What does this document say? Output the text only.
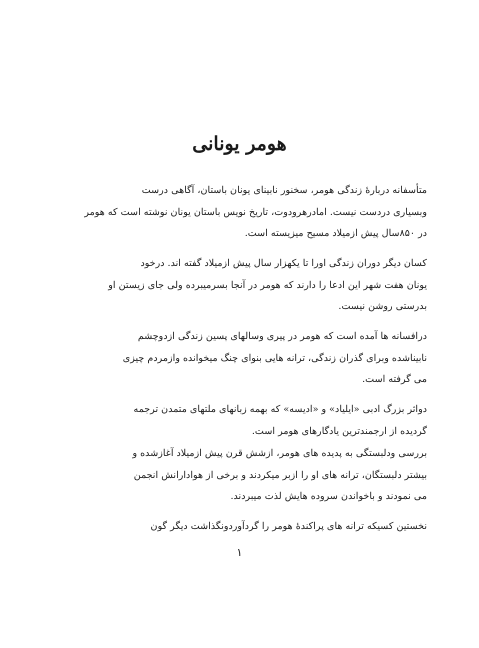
هومر یونانی
متأسفانه دربارهٔ زندگی هومر، سخنور نابینای یونان باستان، آگاهی درست
وبسیاری دردست نیست. امادرهرودوت، تاریخ نویس باستان یونان نوشته است که هومر
در ۸۵۰سال پیش ازمیلاد مسیح میزیسته است.
کسان دیگر دوران زندگی اورا تا یکهزار سال پیش ازمیلاد گفته اند. درخود
یونان هفت شهر این ادعا را دارند که هومر در آنجا بسرمیبرده ولی جای زیستن او
بدرستی روشن نیست.
درافسانه ها آمده است که هومر در پیری وسالهای پسین زندگی ازدوچشم
نابیناشده وبرای گذران زندگی، ترانه هایی بنوای چنگ میخوانده وازمردم چیزی
می گرفته است.
دواثر بزرگ ادبی «ایلیاد» و «ادیسه» که بهمه زبانهای ملتهای متمدن ترجمه
گردیده از ارجمندترین یادگارهای هومر است.
بررسی ودلبستگی به پدیده های هومر، ازشش قرن پیش ازمیلاد آغازشده و
بیشتر دلبستگان، ترانه های او را ازبر میکردند و برخی از هوادارانش انجمن
می نمودند و باخواندن سروده هایش لذت میبردند.
نخستین کسیکه ترانه های پراکندهٔ هومر را گردآوردونگذاشت دیگر گون
۱
